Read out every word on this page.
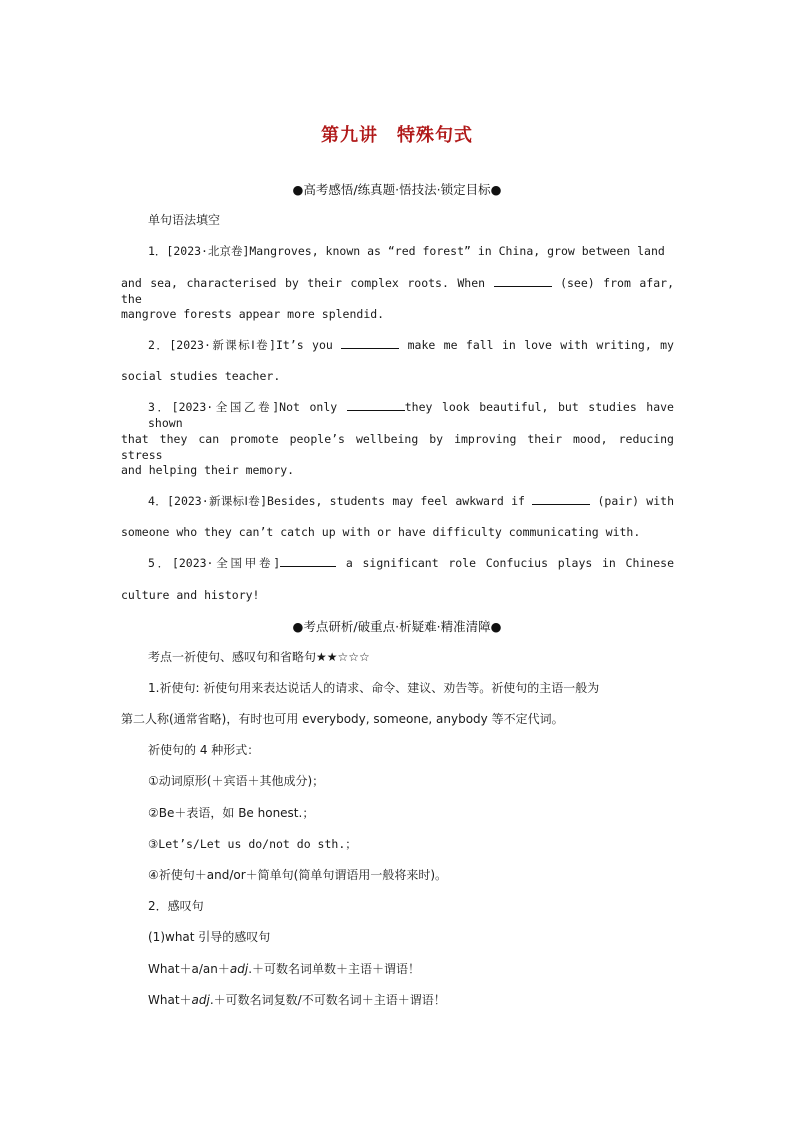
第九讲　特殊句式
●高考感悟/练真题·悟技法·锁定目标●
单句语法填空
1．[2023·北京卷]Mangroves, known as “red forest” in China, grow between land
and sea, characterised by their complex roots. When	(see) from afar, the
mangrove forests appear more splendid.
2．[2023·新课标Ⅰ卷]It’s you	make me fall in love with writing, my
social studies teacher.
3．[2023·全国乙卷]Not only	they look beautiful, but studies have shown
that they can promote people’s wellbeing by improving their mood, reducing stress
and helping their memory.
4．[2023·新课标Ⅰ卷]Besides, students may feel awkward if	(pair) with
someone who they can’t catch up with or have difficulty communicating with.
5．[2023·全国甲卷]	a significant role Confucius plays in Chinese
culture and history!
●考点研析/破重点·析疑难·精准清障●
考点一祈使句、感叹句和省略句★★☆☆☆
1.祈使句: 祈使句用来表达说话人的请求、命令、建议、劝告等。祈使句的主语一般为
第二人称(通常省略)，有时也可用 everybody, someone, anybody 等不定代词。
祈使句的 4 种形式：
①动词原形(＋宾语＋其他成分)；
②Be＋表语，如 Be honest.；
③Let’s/Let us do/not do sth.；
④祈使句＋and/or＋简单句(简单句谓语用一般将来时)。
2．感叹句
(1)what 引导的感叹句
What＋a/an＋adj.＋可数名词单数＋主语＋谓语！
What＋adj.＋可数名词复数/不可数名词＋主语＋谓语！
